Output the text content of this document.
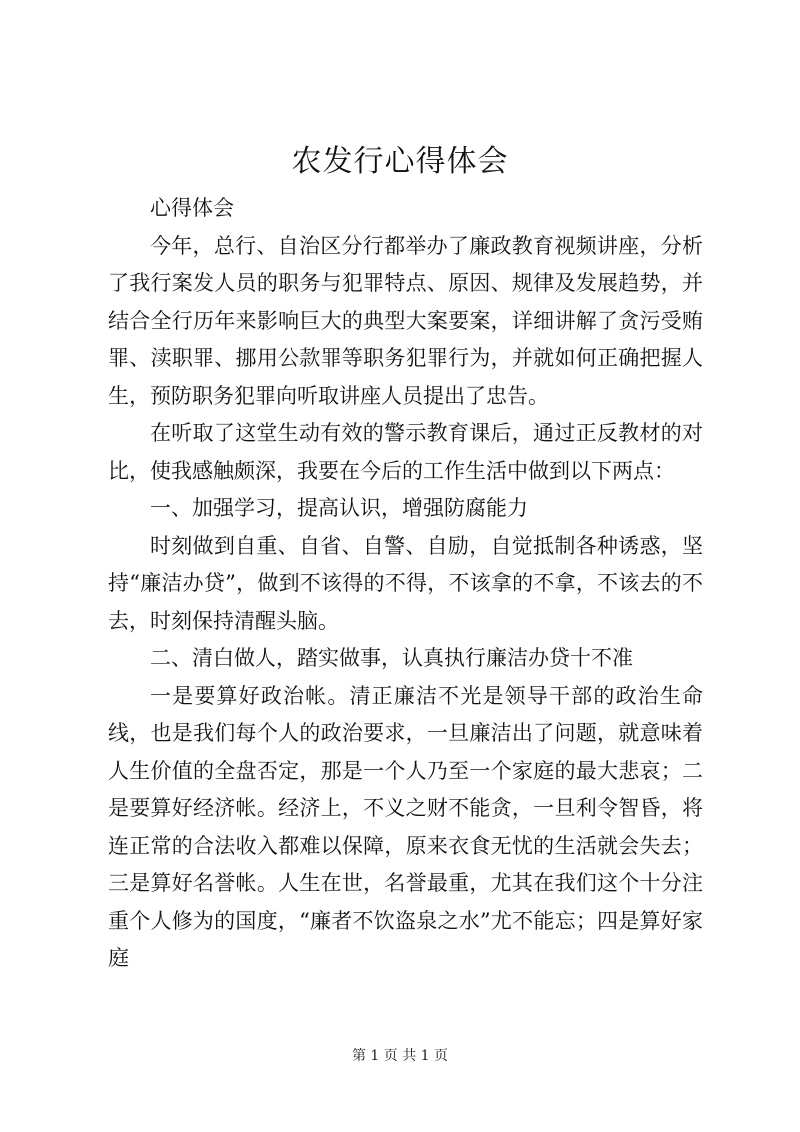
农发行心得体会

心得体会

今年，总行、自治区分行都举办了廉政教育视频讲座，分析了我行案发人员的职务与犯罪特点、原因、规律及发展趋势，并结合全行历年来影响巨大的典型大案要案，详细讲解了贪污受贿罪、渎职罪、挪用公款罪等职务犯罪行为，并就如何正确把握人生，预防职务犯罪向听取讲座人员提出了忠告。

在听取了这堂生动有效的警示教育课后，通过正反教材的对比，使我感触颇深，我要在今后的工作生活中做到以下两点：

一、加强学习，提高认识，增强防腐能力

时刻做到自重、自省、自警、自励，自觉抵制各种诱惑，坚持“廉洁办贷”，做到不该得的不得，不该拿的不拿，不该去的不去，时刻保持清醒头脑。

二、清白做人，踏实做事，认真执行廉洁办贷十不准

一是要算好政治帐。清正廉洁不光是领导干部的政治生命线，也是我们每个人的政治要求，一旦廉洁出了问题，就意味着人生价值的全盘否定，那是一个人乃至一个家庭的最大悲哀；二是要算好经济帐。经济上，不义之财不能贪，一旦利令智昏，将连正常的合法收入都难以保障，原来衣食无忧的生活就会失去；三是算好名誉帐。人生在世，名誉最重，尤其在我们这个十分注重个人修为的国度，“廉者不饮盗泉之水”尤不能忘；四是算好家庭

第 1 页 共 1 页
